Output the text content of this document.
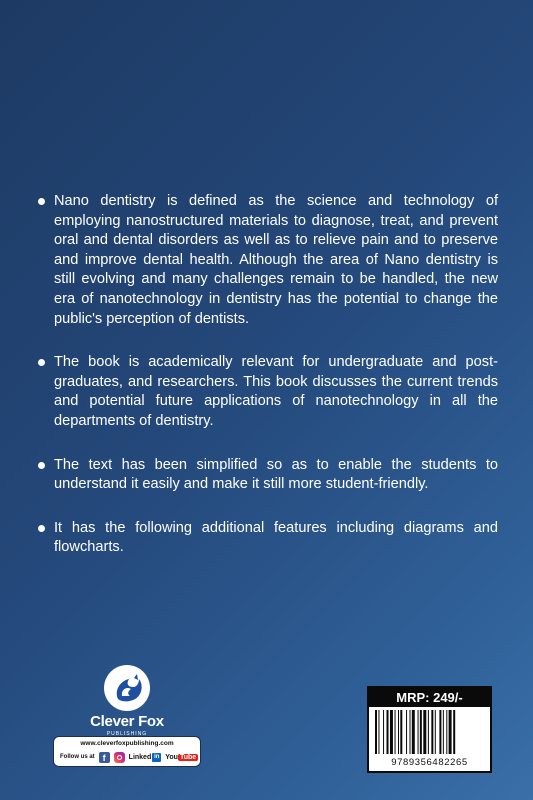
Nano dentistry is defined as the science and technology of employing nanostructured materials to diagnose, treat, and prevent oral and dental disorders as well as to relieve pain and to preserve and improve dental health. Although the area of Nano dentistry is still evolving and many challenges remain to be handled, the new era of nanotechnology in dentistry has the potential to change the public's perception of dentists.
The book is academically relevant for undergraduate and post-graduates, and researchers. This book discusses the current trends and potential future applications of nanotechnology in all the departments of dentistry.
The text has been simplified so as to enable the students to understand it easily and make it still more student-friendly.
It has the following additional features including diagrams and flowcharts.
Clever Fox
PUBLISHING
www.cleverfoxpublishing.com
Follow us at f	Linked in You Tube
MRP: 249/-
9789356482265
